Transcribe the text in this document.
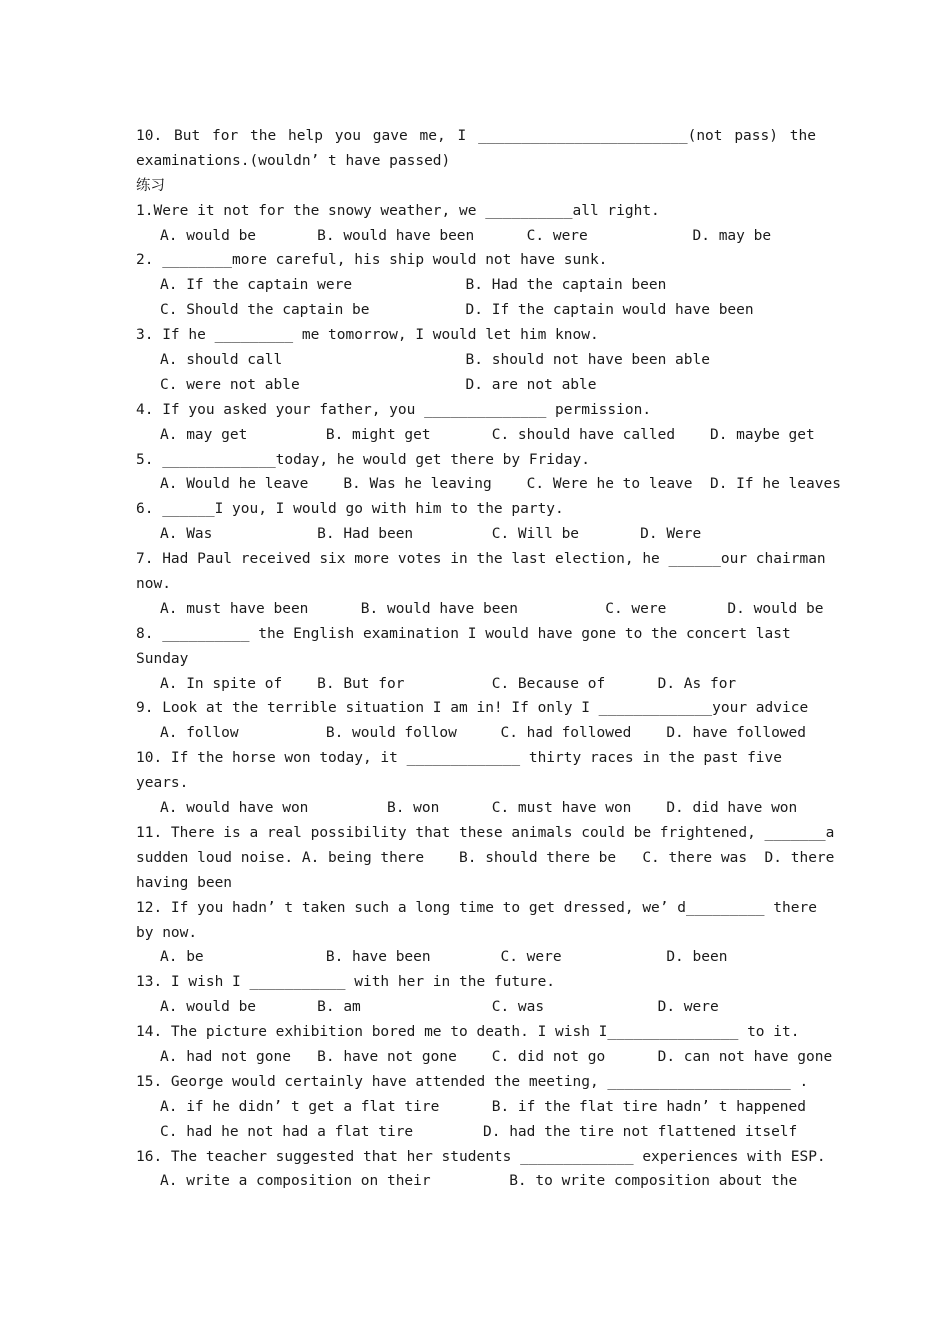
10. But for the help you gave me, I ________________________(not pass) the
examinations.(wouldn’ t have passed)
练习
1.Were it not for the snowy weather, we __________all right.
A. would be       B. would have been      C. were            D. may be
2. ________more careful, his ship would not have sunk.
A. If the captain were             B. Had the captain been
C. Should the captain be           D. If the captain would have been
3. If he _________ me tomorrow, I would let him know.
A. should call                     B. should not have been able
C. were not able                   D. are not able
4. If you asked your father, you ______________ permission.
A. may get         B. might get       C. should have called    D. maybe get
5. _____________today, he would get there by Friday.
A. Would he leave    B. Was he leaving    C. Were he to leave  D. If he leaves
6. ______I you, I would go with him to the party.
A. Was            B. Had been         C. Will be       D. Were
7. Had Paul received six more votes in the last election, he ______our chairman
now.
A. must have been      B. would have been          C. were       D. would be
8. __________ the English examination I would have gone to the concert last
Sunday
A. In spite of    B. But for          C. Because of      D. As for
9. Look at the terrible situation I am in! If only I _____________your advice
A. follow          B. would follow     C. had followed    D. have followed
10. If the horse won today, it _____________ thirty races in the past five
years.
A. would have won         B. won      C. must have won    D. did have won
11. There is a real possibility that these animals could be frightened, _______a
sudden loud noise. A. being there    B. should there be   C. there was  D. there
having been
12. If you hadn’ t taken such a long time to get dressed, we’ d_________ there
by now.
A. be              B. have been        C. were            D. been
13. I wish I ___________ with her in the future.
A. would be       B. am               C. was             D. were
14. The picture exhibition bored me to death. I wish I_______________ to it.
A. had not gone   B. have not gone    C. did not go      D. can not have gone
15. George would certainly have attended the meeting, _____________________ .
A. if he didn’ t get a flat tire      B. if the flat tire hadn’ t happened
C. had he not had a flat tire        D. had the tire not flattened itself
16. The teacher suggested that her students _____________ experiences with ESP.
A. write a composition on their         B. to write composition about the
